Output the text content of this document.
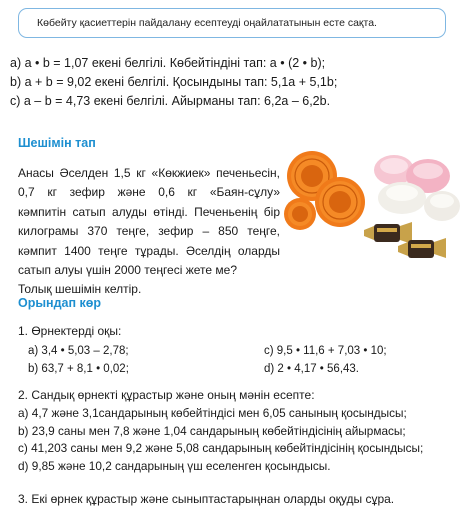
Көбейту қасиеттерін пайдалану есептеуді оңайлататынын есте сақта.
a) a • b = 1,07 екені белгілі. Көбейтіндіні тап: a • (2 • b);
b) a + b = 9,02 екені белгілі. Қосындыны тап: 5,1a + 5,1b;
c) a – b = 4,73 екені белгілі. Айырманы тап: 6,2a – 6,2b.
Шешімін тап
Анасы Әселден 1,5 кг «Көкжиек» печеньесін,
0,7 кг зефир және 0,6 кг «Баян-сұлу»
кәмпитін сатып алуды өтінді. Печеньенің бір
килограмы 370 теңге, зефир – 850 теңге,
кәмпит 1400 теңге тұрады. Әселдің оларды
сатып алуы үшін 2000 теңгесі жете ме?
Толық шешімін келтір.
Орындап көр
1. Өрнектерді оқы:
a) 3,4 • 5,03 – 2,78;
b) 63,7 + 8,1 • 0,02;
c) 9,5 • 11,6 + 7,03 • 10;
d) 2 • 4,17 • 56,43.
2. Сандық өрнекті құрастыр және оның мәнін есепте:
a) 4,7 және 3,1сандарының көбейтіндісі мен 6,05 санының қосындысы;
b) 23,9 саны мен 7,8 және 1,04 сандарының көбейтіндісінің айырмасы;
c) 41,203 саны мен 9,2 және 5,08 сандарының көбейтіндісінің қосындысы;
d) 9,85 және 10,2 сандарының үш еселенген қосындысы.
3. Екі өрнек құрастыр және сыныптастарыңнан оларды оқуды сұра.
